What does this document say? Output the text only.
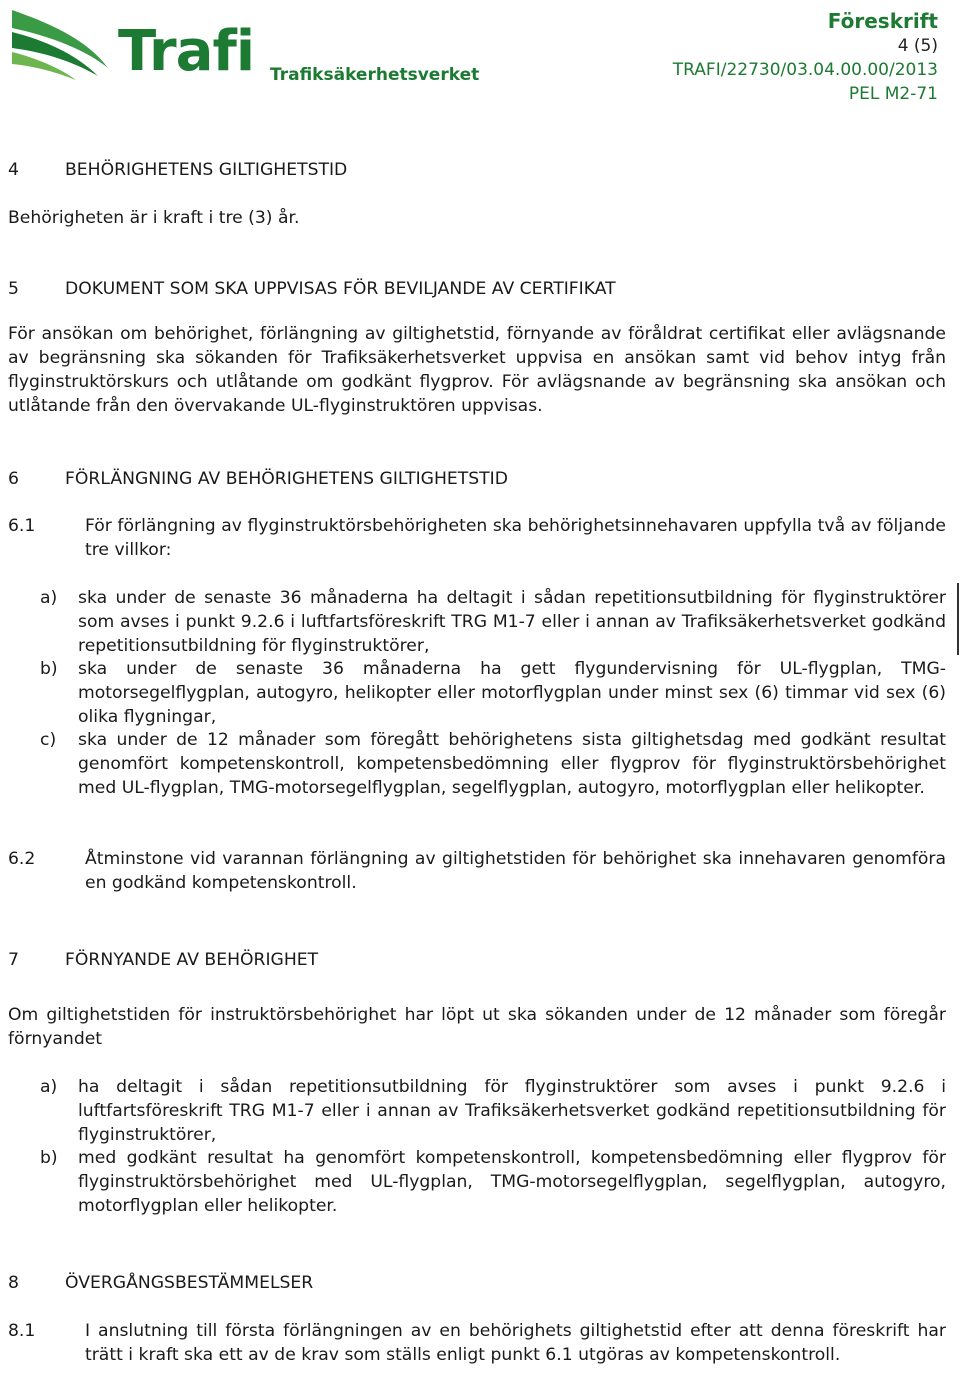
Trafi Trafiksäkerhetsverket
Föreskrift
4 (5)
TRAFI/22730/03.04.00.00/2013
PEL M2-71
4	BEHÖRIGHETENS GILTIGHETSTID

Behörigheten är i kraft i tre (3) år.

5	DOKUMENT SOM SKA UPPVISAS FÖR BEVILJANDE AV CERTIFIKAT

För ansökan om behörighet, förlängning av giltighetstid, förnyande av föråldrat certifikat eller avlägsnande av begränsning ska sökanden för Trafiksäkerhetsverket uppvisa en ansökan samt vid behov intyg från flyginstruktörskurs och utlåtande om godkänt flygprov. För avlägsnande av begränsning ska ansökan och utlåtande från den övervakande UL-flyginstruktören uppvisas.

6	FÖRLÄNGNING AV BEHÖRIGHETENS GILTIGHETSTID
6.1	För förlängning av flyginstruktörsbehörigheten ska behörighetsinnehavaren uppfylla två av följande tre villkor:
a) ska under de senaste 36 månaderna ha deltagit i sådan repetitionsutbildning för flyginstruktörer som avses i punkt 9.2.6 i luftfartsföreskrift TRG M1-7 eller i annan av Trafiksäkerhetsverket godkänd repetitionsutbildning för flyginstruktörer,
b) ska under de senaste 36 månaderna ha gett flygundervisning för UL-flygplan, TMG-motorsegelflygplan, autogyro, helikopter eller motorflygplan under minst sex (6) timmar vid sex (6) olika flygningar,
c) ska under de 12 månader som föregått behörighetens sista giltighetsdag med godkänt resultat genomfört kompetenskontroll, kompetensbedömning eller flygprov för flyginstruktörsbehörighet med UL-flygplan, TMG-motorsegelflygplan, segelflygplan, autogyro, motorflygplan eller helikopter.
6.2	Åtminstone vid varannan förlängning av giltighetstiden för behörighet ska innehavaren genomföra en godkänd kompetenskontroll.
7	FÖRNYANDE AV BEHÖRIGHET

Om giltighetstiden för instruktörsbehörighet har löpt ut ska sökanden under de 12 månader som föregår förnyandet

a) ha deltagit i sådan repetitionsutbildning för flyginstruktörer som avses i punkt 9.2.6 i luftfartsföreskrift TRG M1-7 eller i annan av Trafiksäkerhetsverket godkänd repetitionsutbildning för flyginstruktörer,
b) med godkänt resultat ha genomfört kompetenskontroll, kompetensbedömning eller flygprov för flyginstruktörsbehörighet med UL-flygplan, TMG-motorsegelflygplan, segelflygplan, autogyro, motorflygplan eller helikopter.
8	ÖVERGÅNGSBESTÄMMELSER
8.1	I anslutning till första förlängningen av en behörighets giltighetstid efter att denna föreskrift har trätt i kraft ska ett av de krav som ställs enligt punkt 6.1 utgöras av kompetenskontroll.
